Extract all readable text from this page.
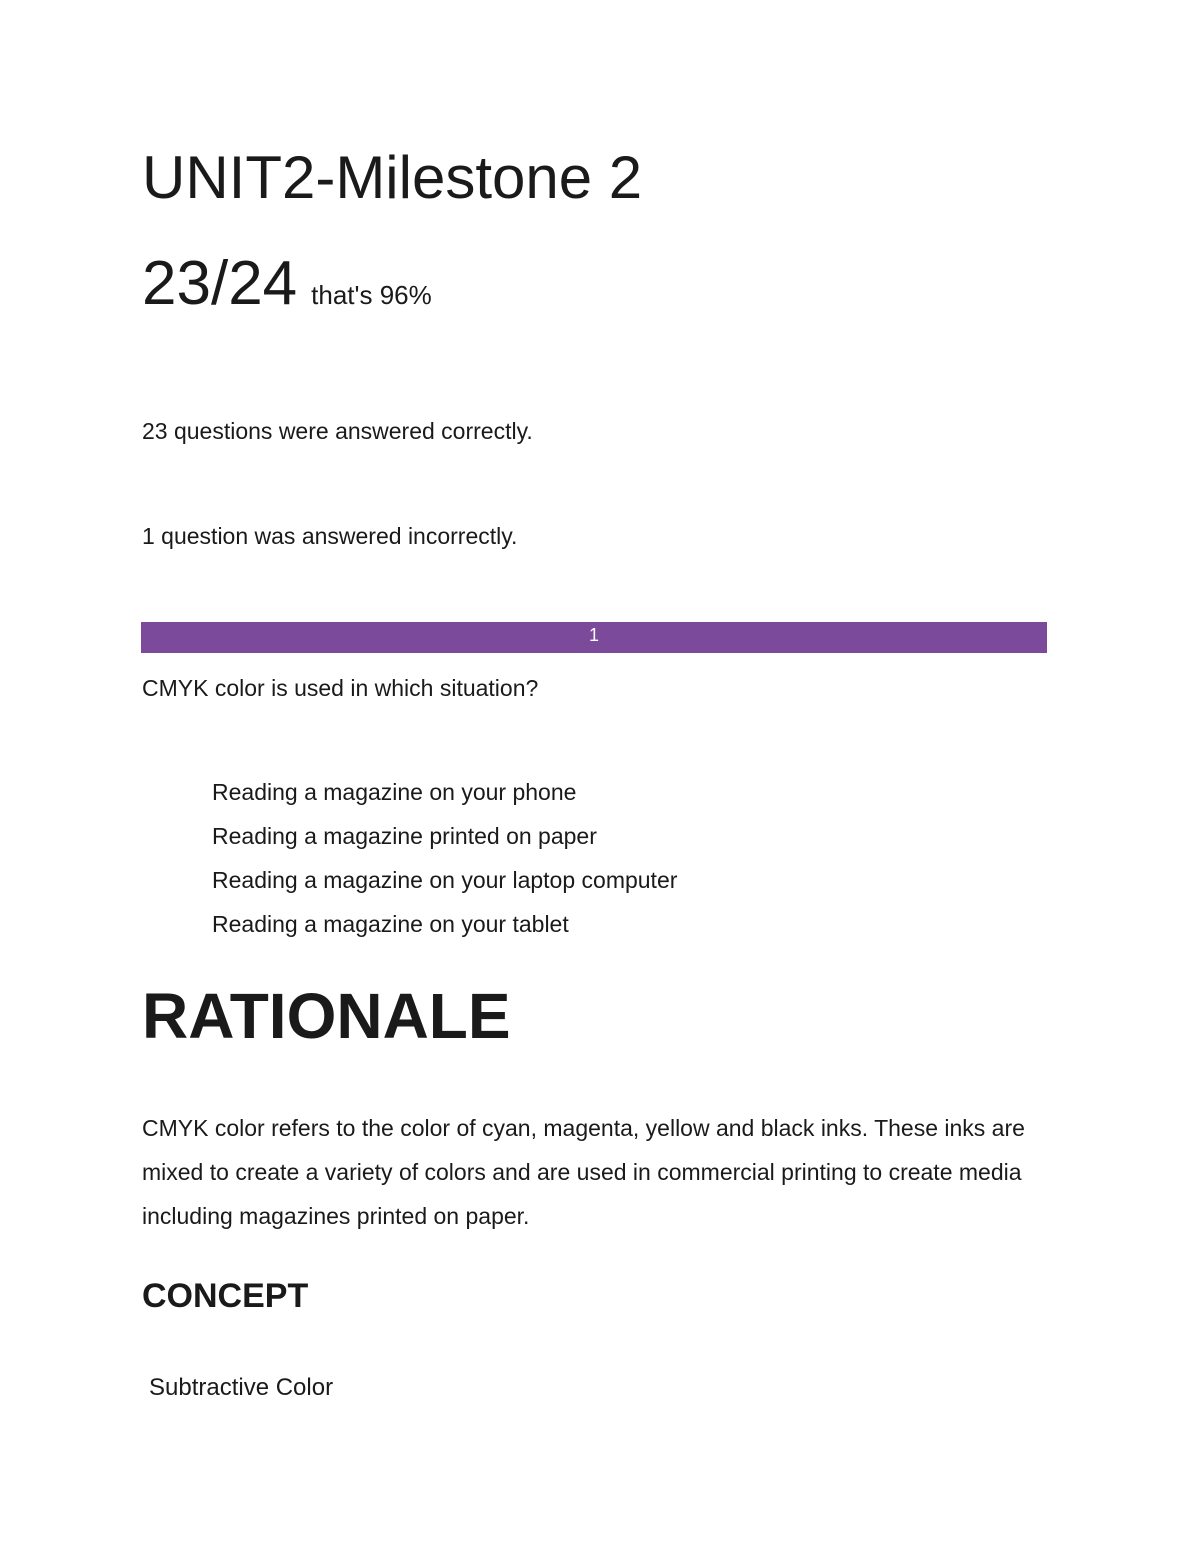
UNIT2-Milestone 2
23/24 that's 96%
23 questions were answered correctly.
1 question was answered incorrectly.
1
CMYK color is used in which situation?
Reading a magazine on your phone
Reading a magazine printed on paper
Reading a magazine on your laptop computer
Reading a magazine on your tablet
RATIONALE

CMYK color refers to the color of cyan, magenta, yellow and black inks. These inks are mixed to create a variety of colors and are used in commercial printing to create media including magazines printed on paper.

CONCEPT
Subtractive Color
